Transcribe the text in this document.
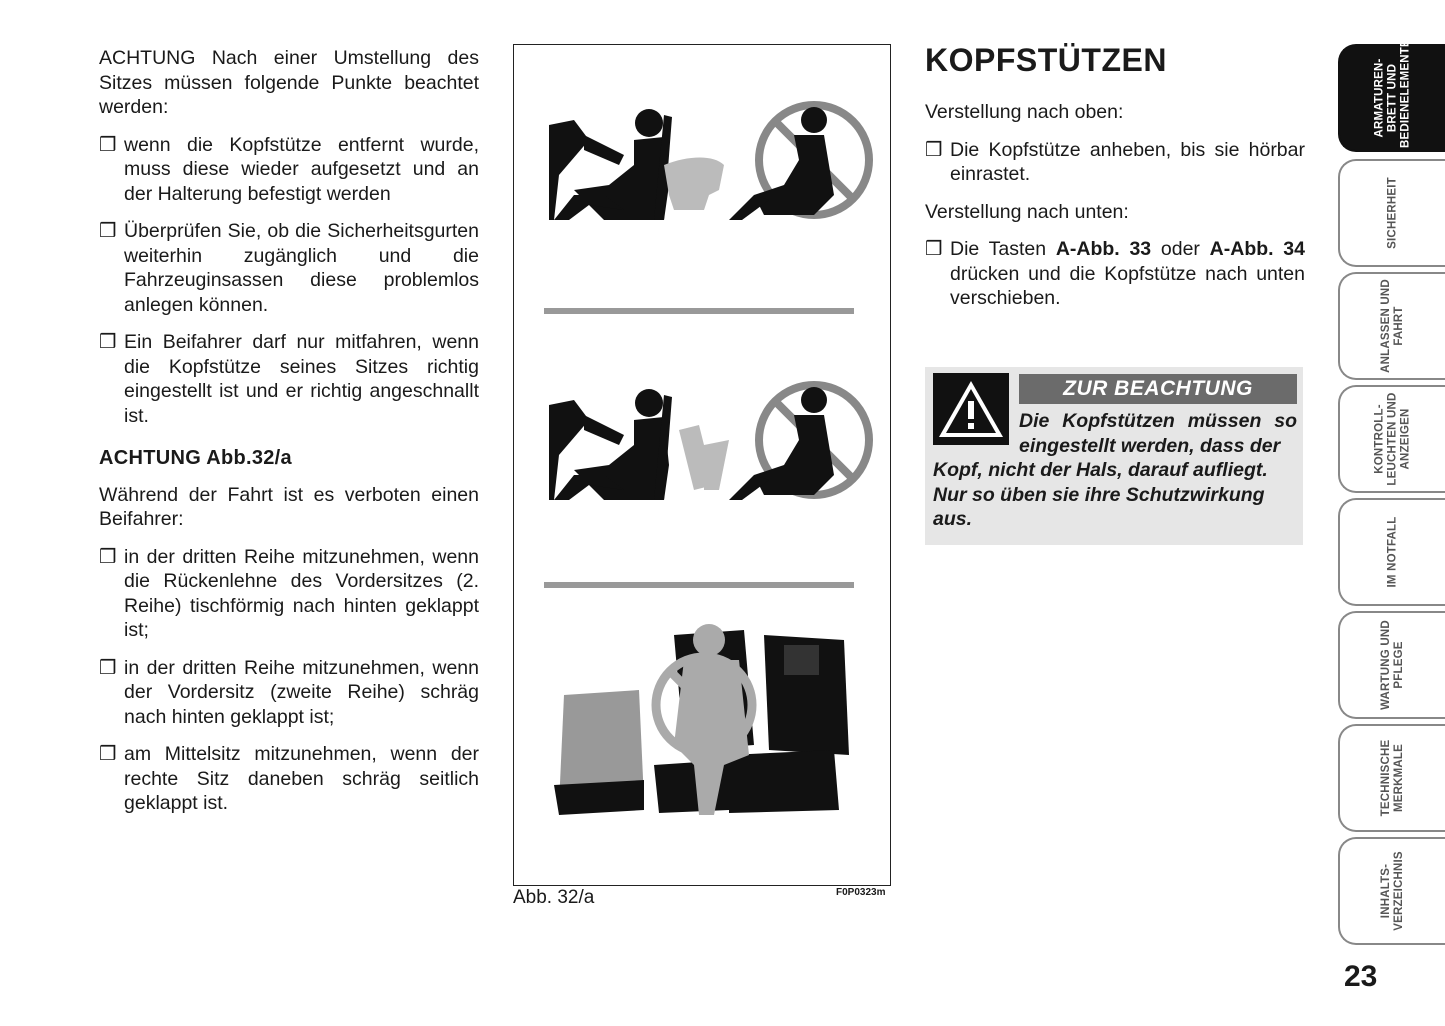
ACHTUNG Nach einer Umstellung des Sitzes müssen folgende Punkte beachtet werden:

❒ wenn die Kopfstütze entfernt wurde, muss diese wieder aufgesetzt und an der Halterung befestigt werden
❒ Überprüfen Sie, ob die Sicherheitsgurten weiterhin zugänglich und die Fahrzeuginsassen diese problemlos anlegen können.
❒ Ein Beifahrer darf nur mitfahren, wenn die Kopfstütze seines Sitzes richtig eingestellt ist und er richtig angeschnallt ist.
ACHTUNG Abb.32/a

Während der Fahrt ist es verboten einen Beifahrer:

❒ in der dritten Reihe mitzunehmen, wenn die Rückenlehne des Vordersitzes (2. Reihe) tischförmig nach hinten geklappt ist;
❒ in der dritten Reihe mitzunehmen, wenn der Vordersitz (zweite Reihe) schräg nach hinten geklappt ist;
❒ am Mittelsitz mitzunehmen, wenn der rechte Sitz daneben schräg seitlich geklappt ist.
Abb. 32/a	F0P0323m
KOPFSTÜTZEN

Verstellung nach oben:

❒ Die Kopfstütze anheben, bis sie hörbar einrastet.

Verstellung nach unten:

❒ Die Tasten A-Abb. 33 oder A-Abb. 34 drücken und die Kopfstütze nach unten verschieben.
ZUR BEACHTUNG
Die Kopfstützen müssen so eingestellt werden, dass der
Kopf, nicht der Hals, darauf aufliegt. Nur so üben sie ihre Schutzwirkung aus.
ARMATUREN-BRETT UND BEDIENELEMENTE
SICHERHEIT
ANLASSEN UND FAHRT
KONTROLL-LEUCHTEN UND ANZEIGEN
IM NOTFALL
WARTUNG UND PFLEGE
TECHNISCHE MERKMALE
INHALTS-VERZEICHNIS
23
